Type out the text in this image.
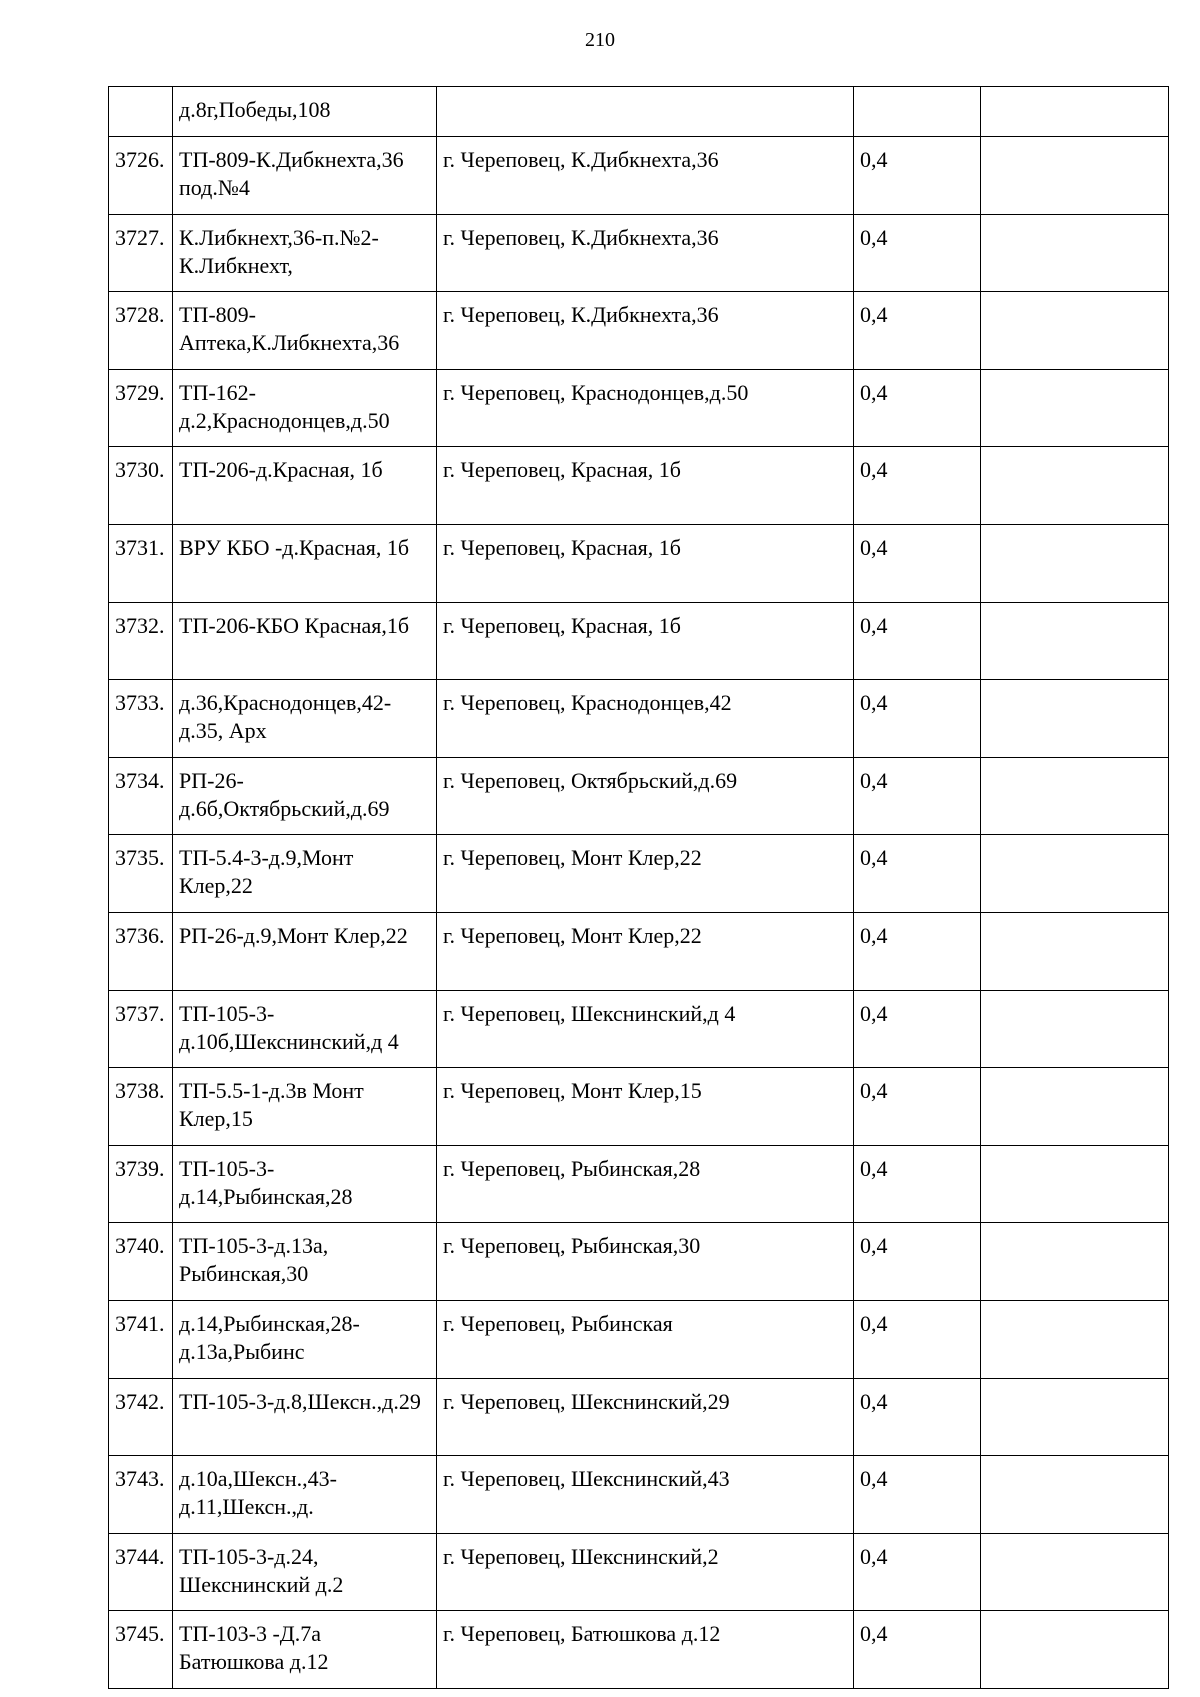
210
	д.8г,Победы,108			
3726.	ТП-809-К.Дибкнехта,36 под.№4	г. Череповец, К.Дибкнехта,36	0,4	
3727.	К.Либкнехт,36-п.№2-К.Либкнехт,	г. Череповец, К.Дибкнехта,36	0,4	
3728.	ТП-809-Аптека,К.Либкнехта,36	г. Череповец, К.Дибкнехта,36	0,4	
3729.	ТП-162-д.2,Краснодонцев,д.50	г. Череповец, Краснодонцев,д.50	0,4	
3730.	ТП-206-д.Красная, 1б	г. Череповец, Красная, 1б	0,4	
3731.	ВРУ КБО -д.Красная, 1б	г. Череповец, Красная, 1б	0,4	
3732.	ТП-206-КБО Красная,1б	г. Череповец, Красная, 1б	0,4	
3733.	д.36,Краснодонцев,42-д.35, Арх	г. Череповец, Краснодонцев,42	0,4	
3734.	РП-26-д.6б,Октябрьский,д.69	г. Череповец, Октябрьский,д.69	0,4	
3735.	ТП-5.4-3-д.9,Монт Клер,22	г. Череповец, Монт Клер,22	0,4	
3736.	РП-26-д.9,Монт Клер,22	г. Череповец, Монт Клер,22	0,4	
3737.	ТП-105-3-д.10б,Шекснинский,д 4	г. Череповец, Шекснинский,д 4	0,4	
3738.	ТП-5.5-1-д.3в Монт Клер,15	г. Череповец, Монт Клер,15	0,4	
3739.	ТП-105-3-д.14,Рыбинская,28	г. Череповец, Рыбинская,28	0,4	
3740.	ТП-105-3-д.13а, Рыбинская,30	г. Череповец, Рыбинская,30	0,4	
3741.	д.14,Рыбинская,28-д.13а,Рыбинс	г. Череповец, Рыбинская	0,4	
3742.	ТП-105-3-д.8,Шексн.,д.29	г. Череповец, Шекснинский,29	0,4	
3743.	д.10а,Шексн.,43-д.11,Шексн.,д.	г. Череповец, Шекснинский,43	0,4	
3744.	ТП-105-3-д.24, Шекснинский д.2	г. Череповец, Шекснинский,2	0,4	
3745.	ТП-103-3 -Д.7а Батюшкова д.12	г. Череповец, Батюшкова д.12	0,4	
